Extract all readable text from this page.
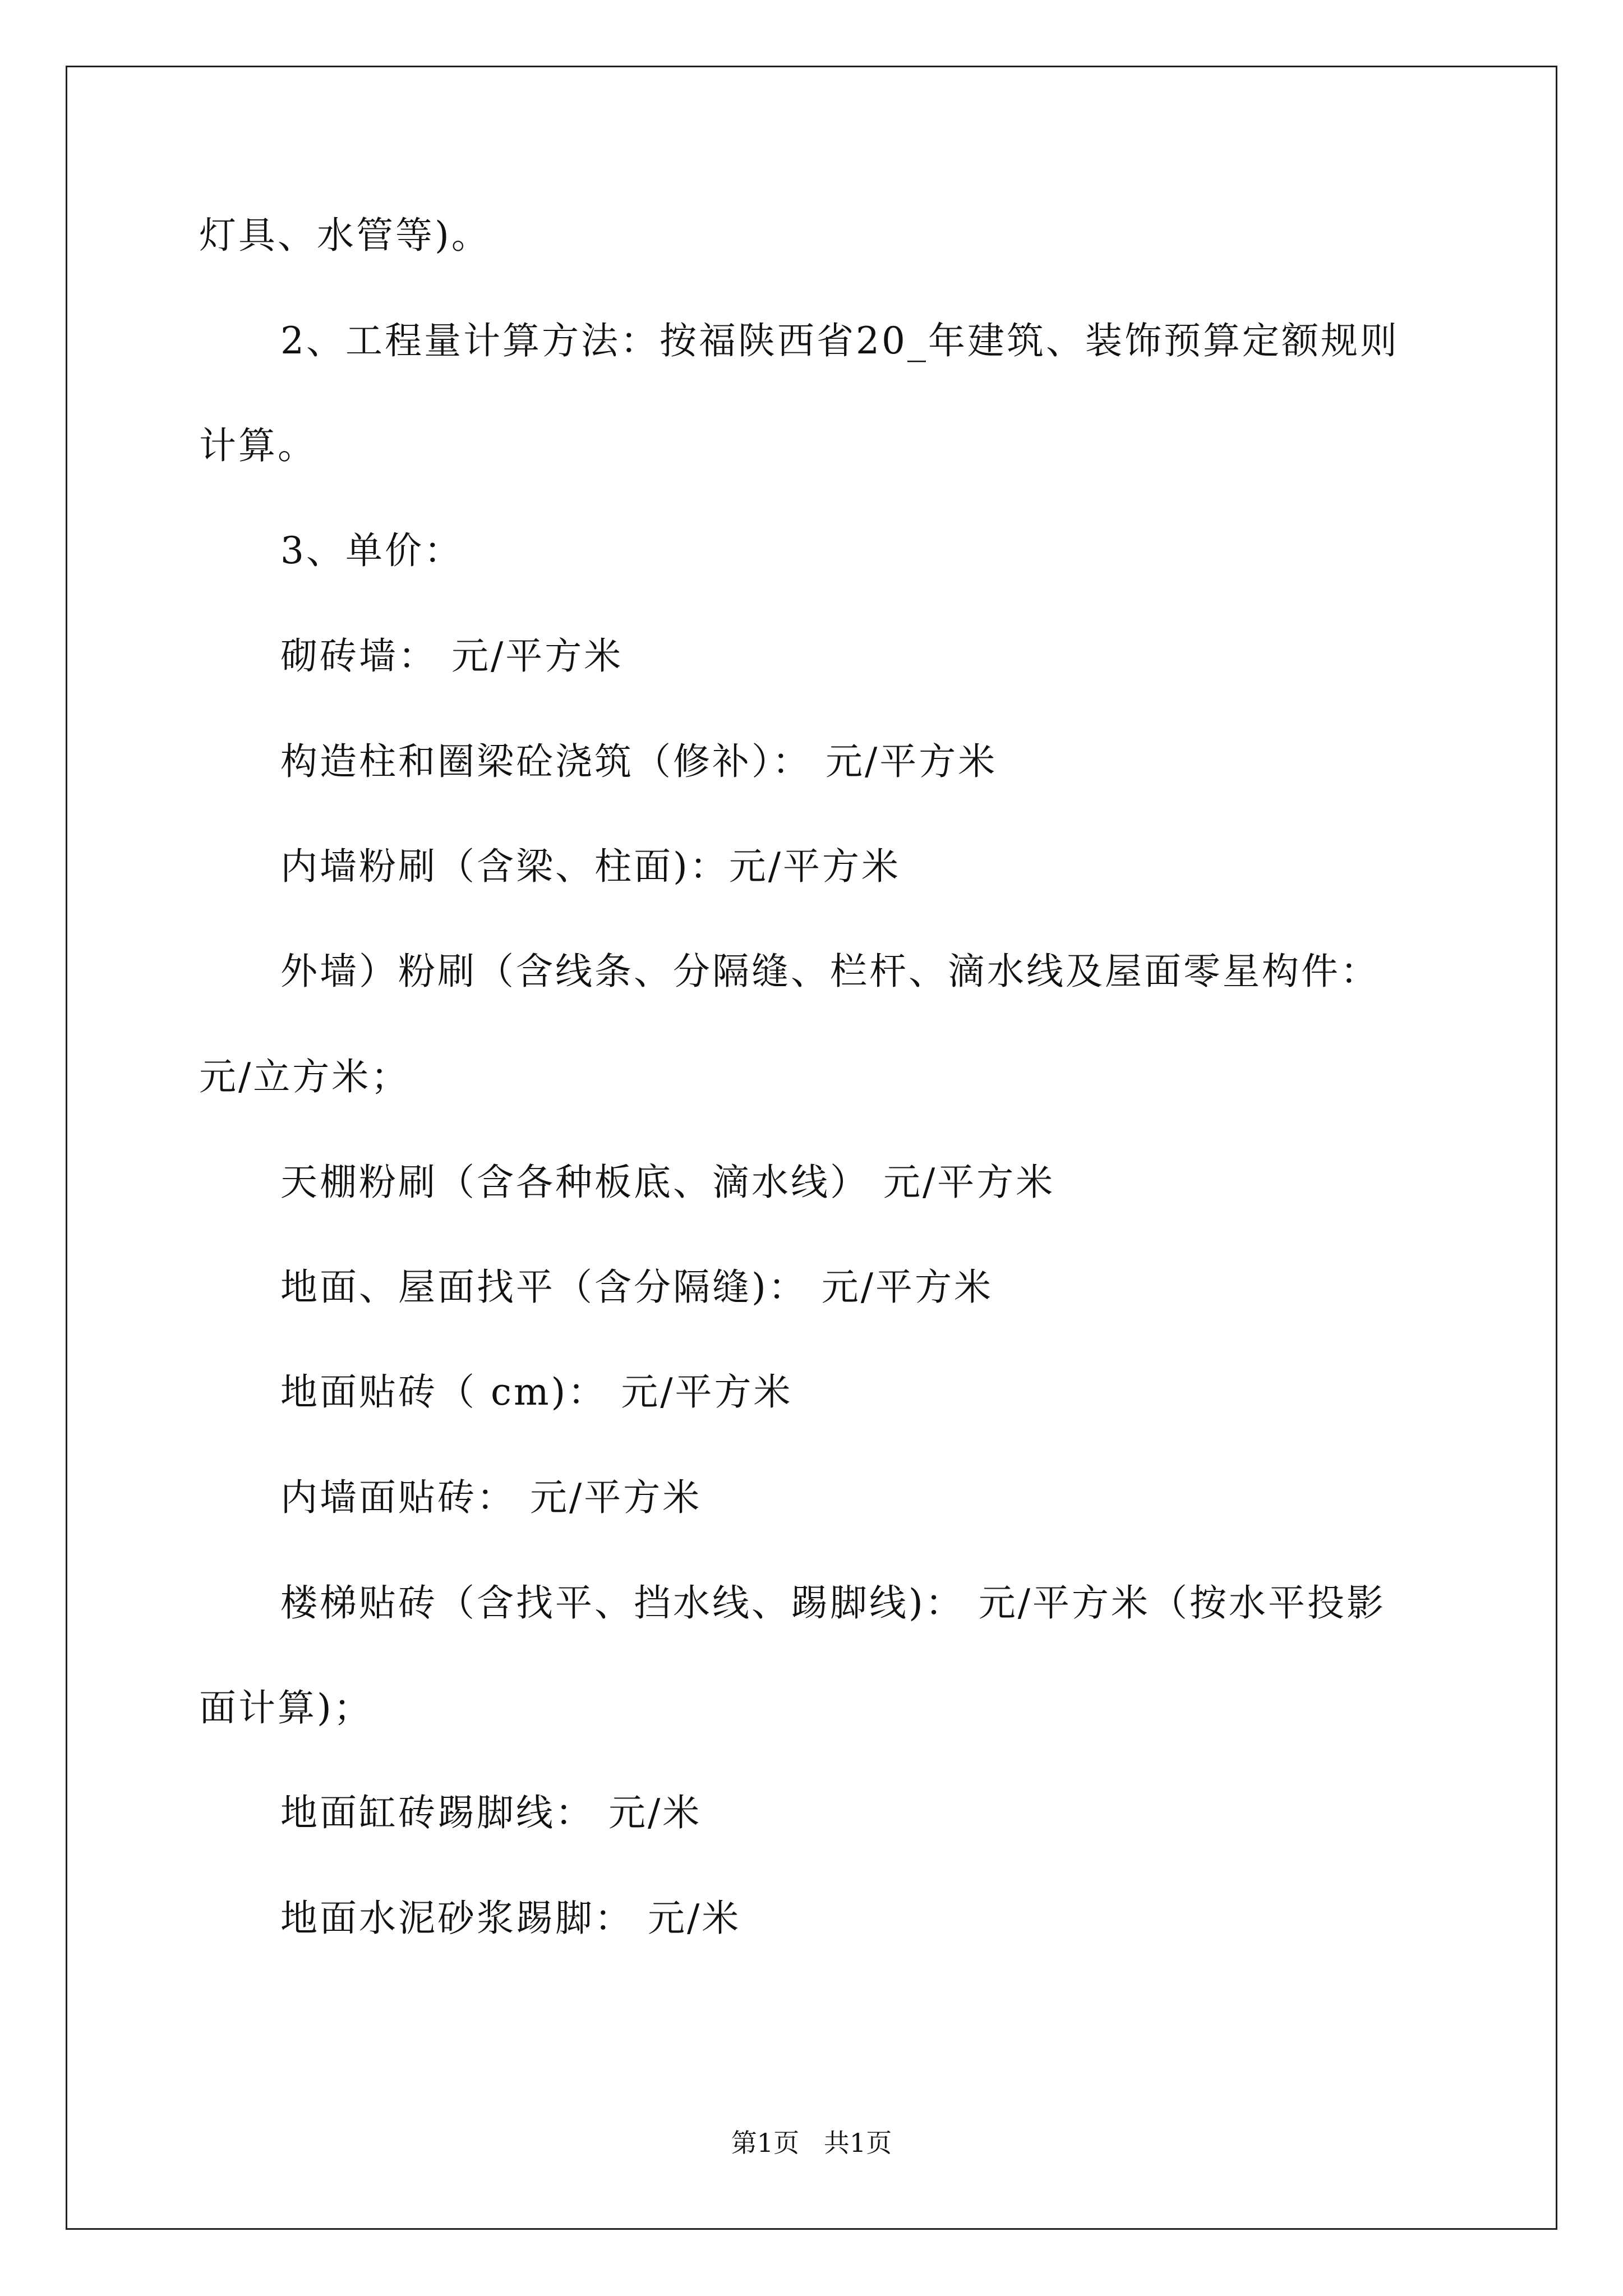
灯具、水管等)。
2、工程量计算方法：按福陕西省20_年建筑、装饰预算定额规则
计算。
3、单价：
砌砖墙： 元/平方米
构造柱和圈梁砼浇筑（修补）： 元/平方米
内墙粉刷（含梁、柱面)：元/平方米
外墙）粉刷（含线条、分隔缝、栏杆、滴水线及屋面零星构件：
元/立方米；
天棚粉刷（含各种板底、滴水线） 元/平方米
地面、屋面找平（含分隔缝)： 元/平方米
地面贴砖（ cm)： 元/平方米
内墙面贴砖： 元/平方米
楼梯贴砖（含找平、挡水线、踢脚线)： 元/平方米（按水平投影
面计算)；
地面缸砖踢脚线： 元/米
地面水泥砂浆踢脚： 元/米
第1页   共1页
